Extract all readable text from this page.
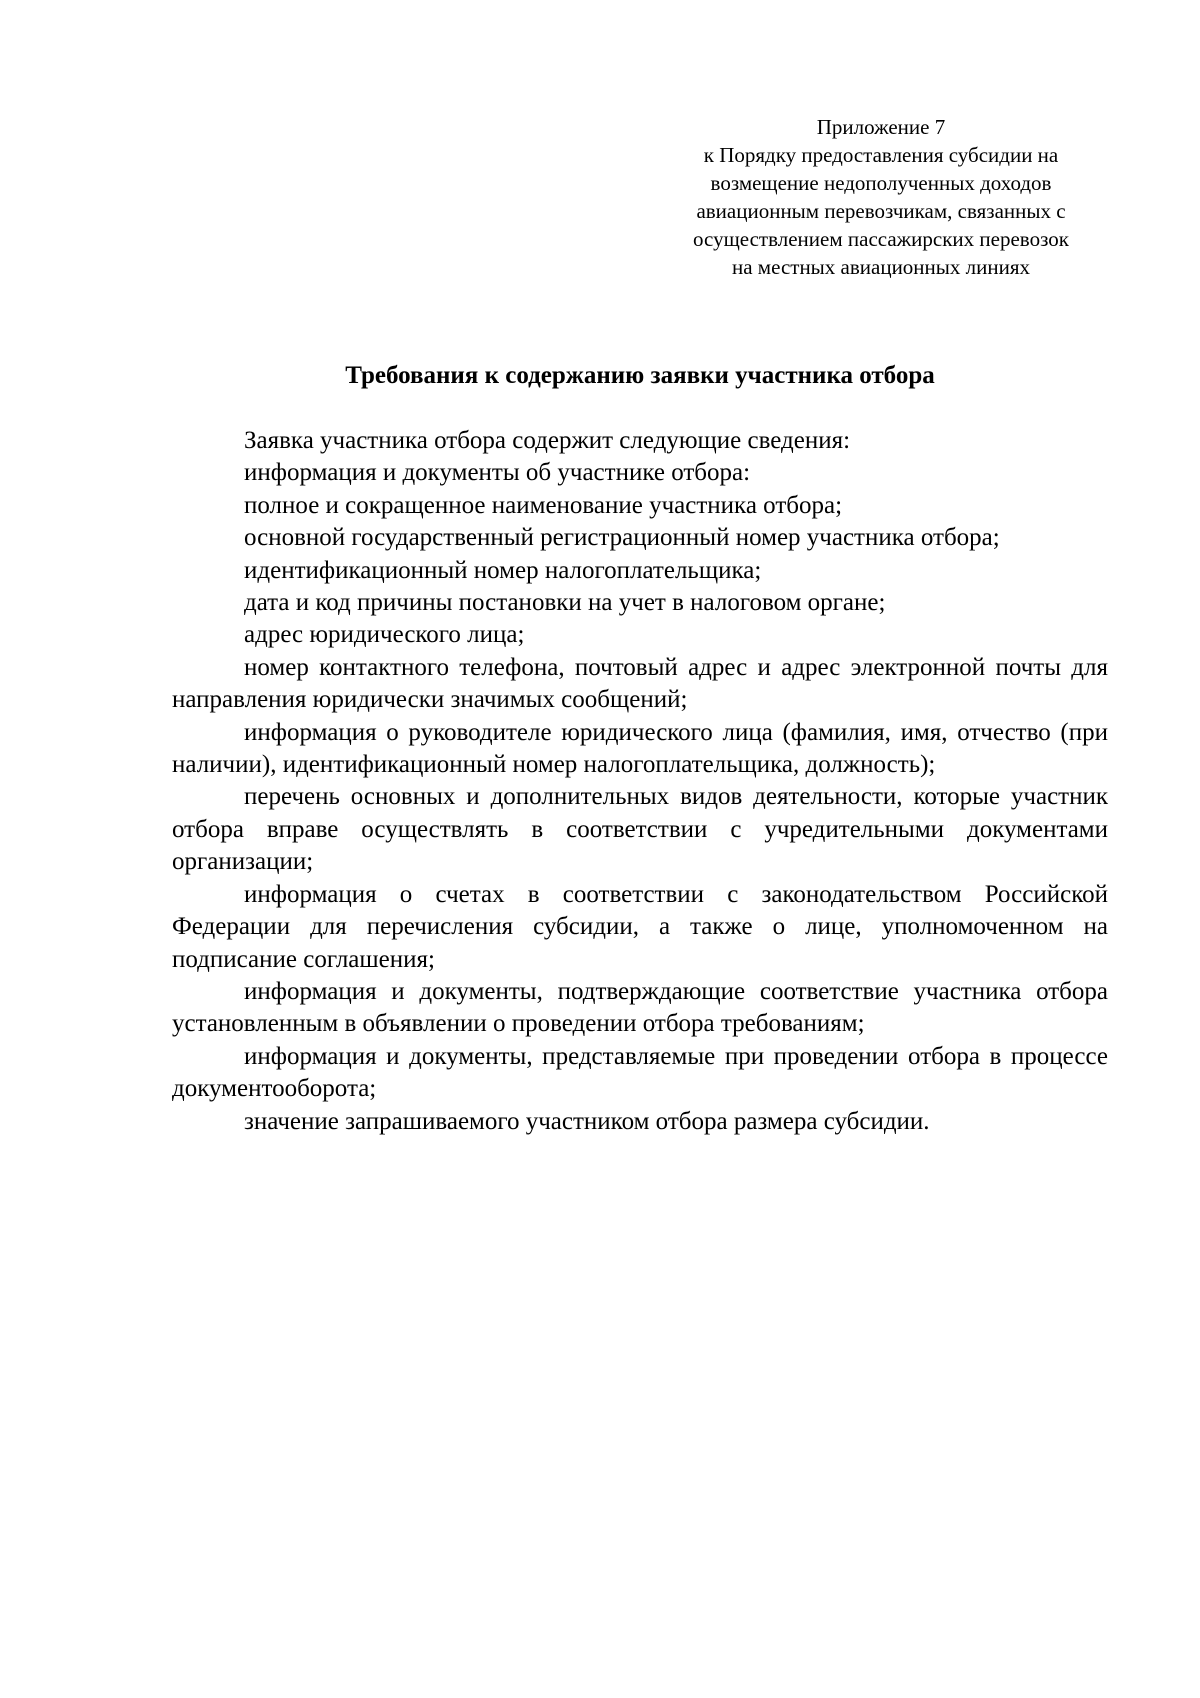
Приложение 7
к Порядку предоставления субсидии на
возмещение недополученных доходов
авиационным перевозчикам, связанных с
осуществлением пассажирских перевозок
на местных авиационных линиях
Требования к содержанию заявки участника отбора

Заявка участника отбора содержит следующие сведения:

информация и документы об участнике отбора:

полное и сокращенное наименование участника отбора;

основной государственный регистрационный номер участника отбора;

идентификационный номер налогоплательщика;

дата и код причины постановки на учет в налоговом органе;

адрес юридического лица;

номер контактного телефона, почтовый адрес и адрес электронной почты для направления юридически значимых сообщений;

информация о руководителе юридического лица (фамилия, имя, отчество (при наличии), идентификационный номер налогоплательщика, должность);

перечень основных и дополнительных видов деятельности, которые участник отбора вправе осуществлять в соответствии с учредительными документами организации;

информация о счетах в соответствии с законодательством Российской Федерации для перечисления субсидии, а также о лице, уполномоченном на подписание соглашения;

информация и документы, подтверждающие соответствие участника отбора установленным в объявлении о проведении отбора требованиям;

информация и документы, представляемые при проведении отбора в процессе документооборота;

значение запрашиваемого участником отбора размера субсидии.
